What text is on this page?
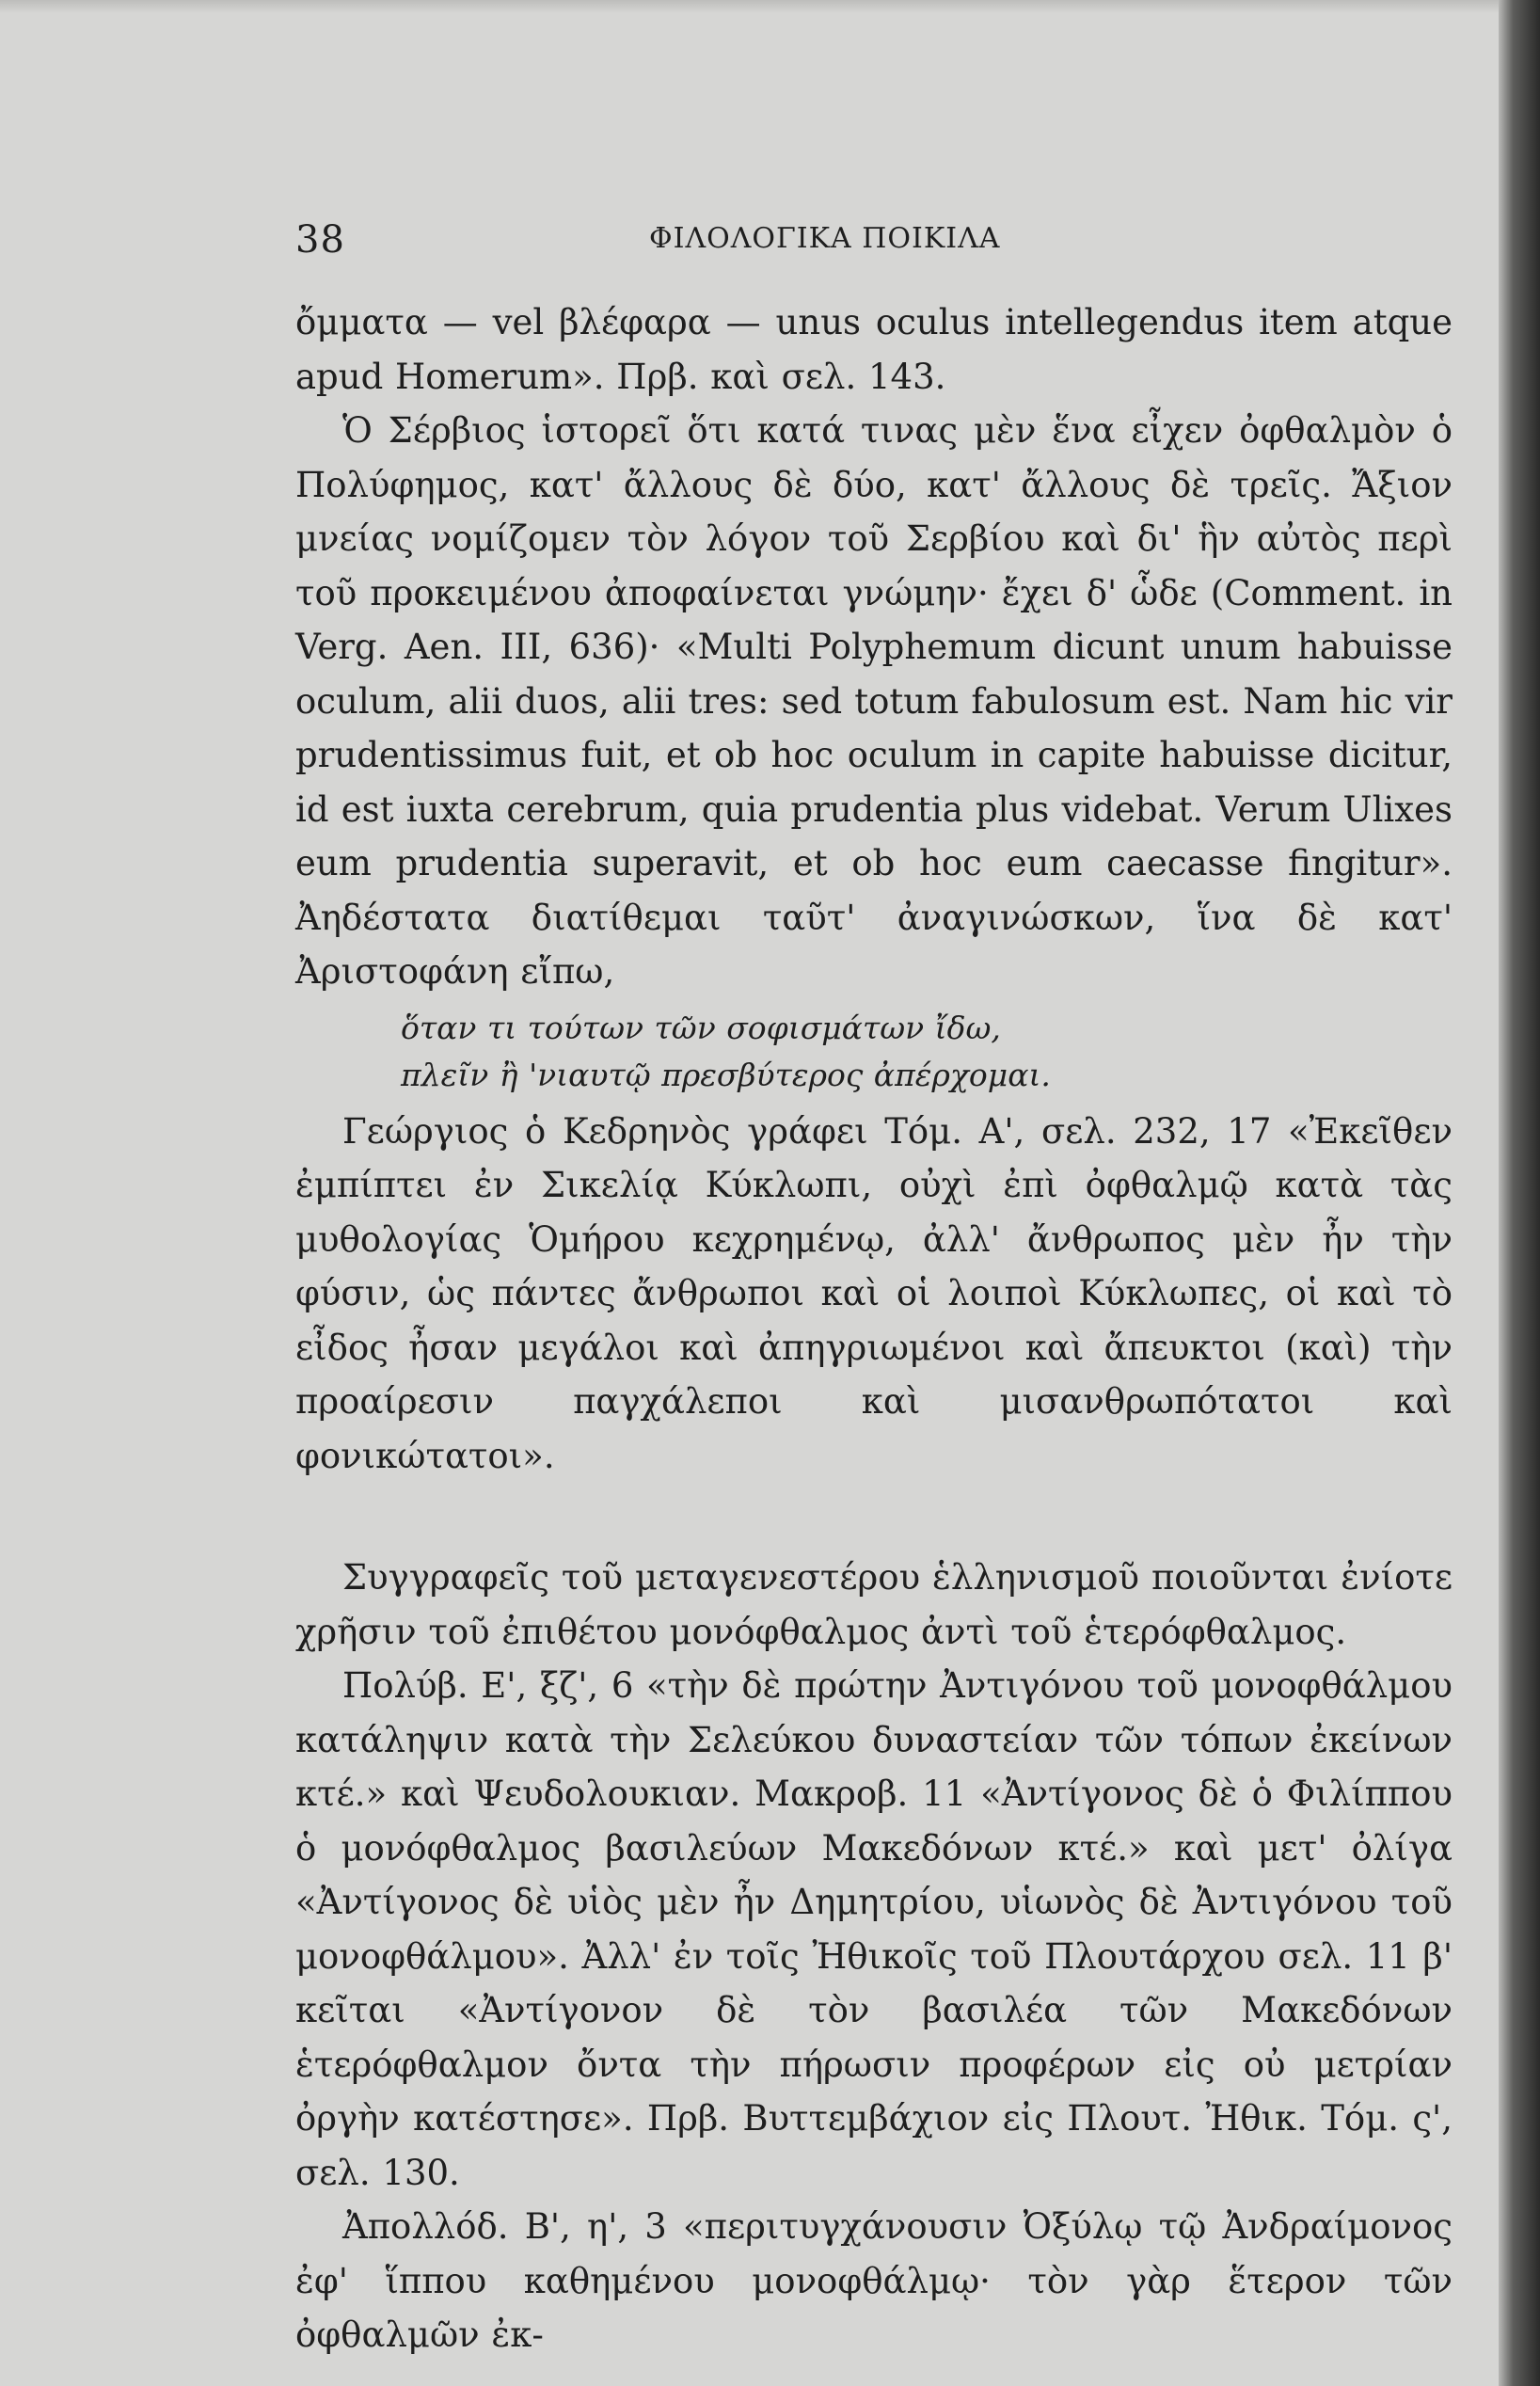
38	ΦΙΛΟΛΟΓΙΚΑ ΠΟΙΚΙΛΑ

ὄμματα — vel βλέφαρα — unus oculus intellegendus item atque apud Homerum». Πρβ. καὶ σελ. 143.

Ὁ Σέρβιος ἱστορεῖ ὅτι κατά τινας μὲν ἕνα εἶχεν ὀφθαλμὸν ὁ Πολύφημος, κατ' ἄλλους δὲ δύο, κατ' ἄλλους δὲ τρεῖς. Ἄξιον μνείας νομίζομεν τὸν λόγον τοῦ Σερβίου καὶ δι' ἣν αὐτὸς περὶ τοῦ προκειμένου ἀποφαίνεται γνώμην· ἔχει δ' ὧδε (Comment. in Verg. Aen. III, 636)· «Multi Polyphemum dicunt unum habuisse oculum, alii duos, alii tres: sed totum fabulosum est. Nam hic vir prudentissimus fuit, et ob hoc oculum in capite habuisse dicitur, id est iuxta cerebrum, quia prudentia plus videbat. Verum Ulixes eum prudentia superavit, et ob hoc eum caecasse fingitur». Ἀηδέστατα διατίθεμαι ταῦτ' ἀναγινώσκων, ἵνα δὲ κατ' Ἀριστοφάνη εἴπω,

ὅταν τι τούτων τῶν σοφισμάτων ἴδω,
πλεῖν ἢ 'νιαυτῷ πρεσβύτερος ἀπέρχομαι.

Γεώργιος ὁ Κεδρηνὸς γράφει Τόμ. Α', σελ. 232, 17 «Ἐκεῖθεν ἐμπίπτει ἐν Σικελίᾳ Κύκλωπι, οὐχὶ ἐπὶ ὀφθαλμῷ κατὰ τὰς μυθολογίας Ὁμήρου κεχρημένῳ, ἀλλ' ἄνθρωπος μὲν ἦν τὴν φύσιν, ὡς πάντες ἄνθρωποι καὶ οἱ λοιποὶ Κύκλωπες, οἱ καὶ τὸ εἶδος ἦσαν μεγάλοι καὶ ἀπηγριωμένοι καὶ ἄπευκτοι (καὶ) τὴν προαίρεσιν παγχάλεποι καὶ μισανθρωπότατοι καὶ φονικώτατοι».

Συγγραφεῖς τοῦ μεταγενεστέρου ἑλληνισμοῦ ποιοῦνται ἐνίοτε χρῆσιν τοῦ ἐπιθέτου μονόφθαλμος ἀντὶ τοῦ ἑτερόφθαλμος.

Πολύβ. Ε', ξζ', 6 «τὴν δὲ πρώτην Ἀντιγόνου τοῦ μονοφθάλμου κατάληψιν κατὰ τὴν Σελεύκου δυναστείαν τῶν τόπων ἐκείνων κτέ.» καὶ Ψευδολουκιαν. Μακροβ. 11 «Ἀντίγονος δὲ ὁ Φιλίππου ὁ μονόφθαλμος βασιλεύων Μακεδόνων κτέ.» καὶ μετ' ὀλίγα «Ἀντίγονος δὲ υἱὸς μὲν ἦν Δημητρίου, υἱωνὸς δὲ Ἀντιγόνου τοῦ μονοφθάλμου». Ἀλλ' ἐν τοῖς Ἠθικοῖς τοῦ Πλουτάρχου σελ. 11 β' κεῖται «Ἀντίγονον δὲ τὸν βασιλέα τῶν Μακεδόνων ἑτερόφθαλμον ὄντα τὴν πήρωσιν προφέρων εἰς οὐ μετρίαν ὀργὴν κατέστησε». Πρβ. Βυττεμβάχιον εἰς Πλουτ. Ἠθικ. Τόμ. ς', σελ. 130.

Ἀπολλόδ. Β', η', 3 «περιτυγχάνουσιν Ὀξύλῳ τῷ Ἀνδραίμονος ἐφ' ἵππου καθημένου μονοφθάλμῳ· τὸν γὰρ ἕτερον τῶν ὀφθαλμῶν ἐκ-
